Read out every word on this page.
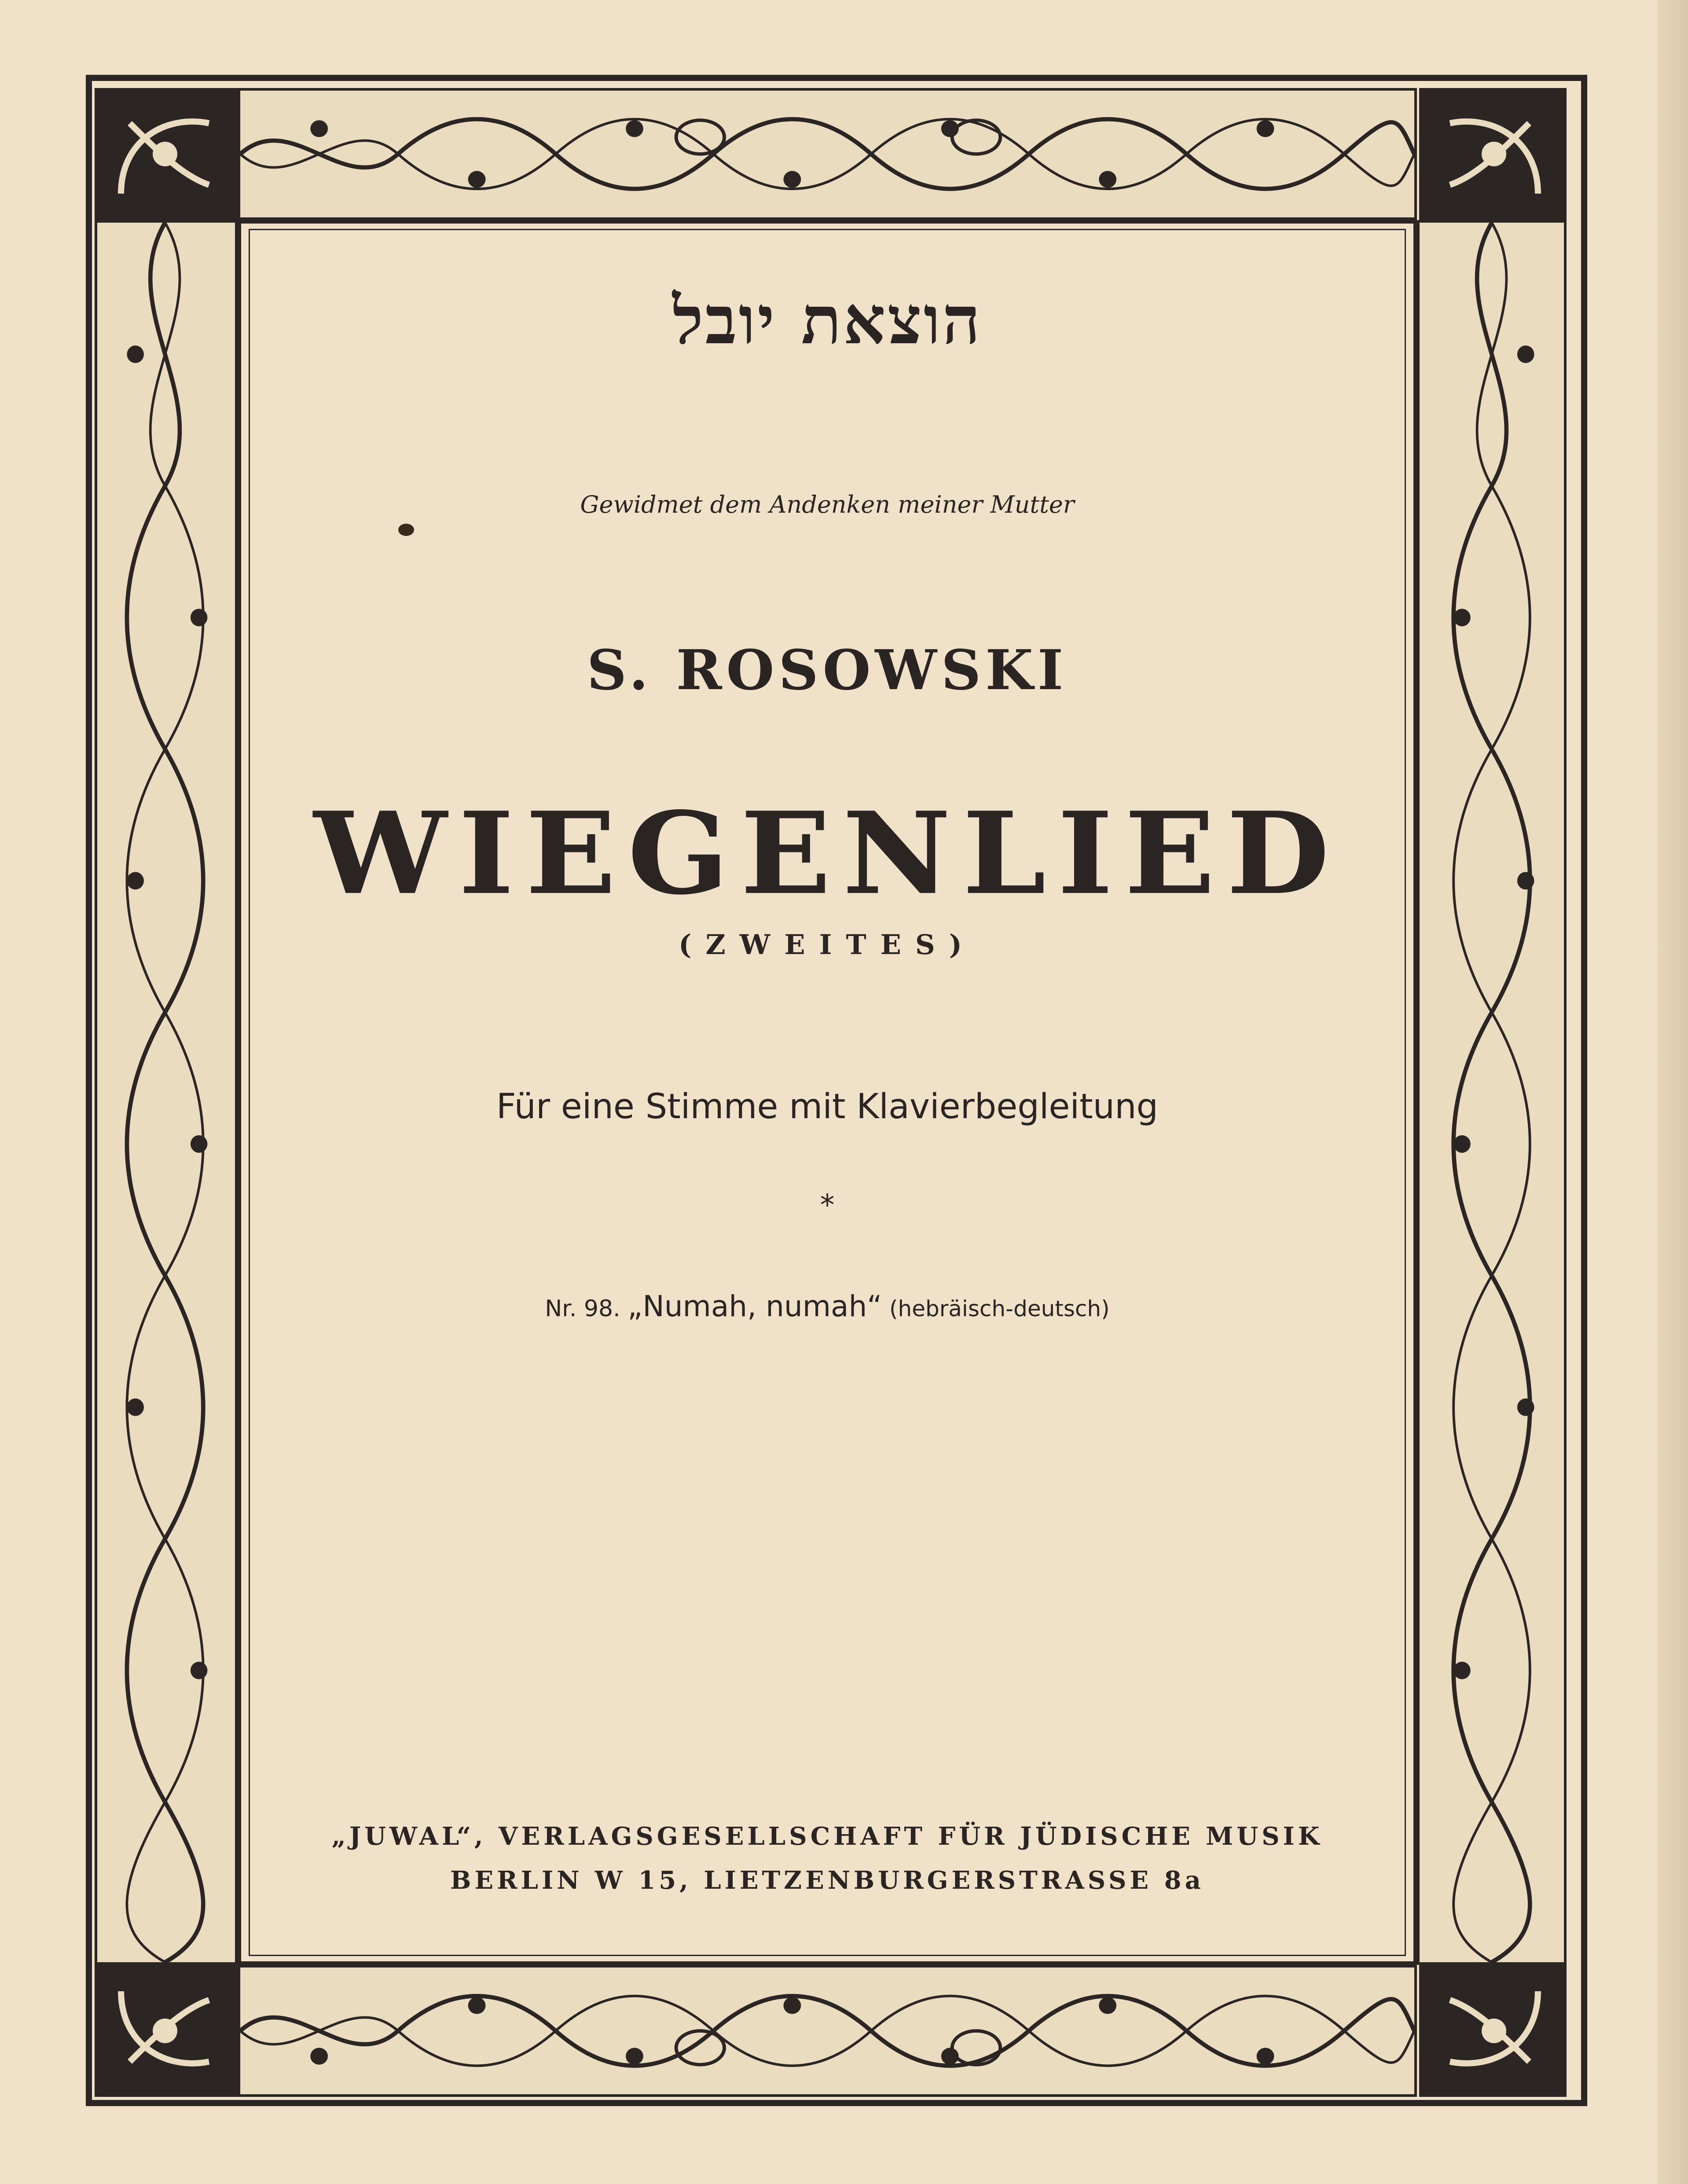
הוצאת יובל
Gewidmet dem Andenken meiner Mutter
S. ROSOWSKI
WIEGENLIED
(ZWEITES)
Für eine Stimme mit Klavierbegleitung
*
Nr. 98. „Numah, numah“ (hebräisch-deutsch)
„JUWAL“, VERLAGSGESELLSCHAFT FÜR JÜDISCHE MUSIK
BERLIN W 15, LIETZENBURGERSTRASSE 8a
